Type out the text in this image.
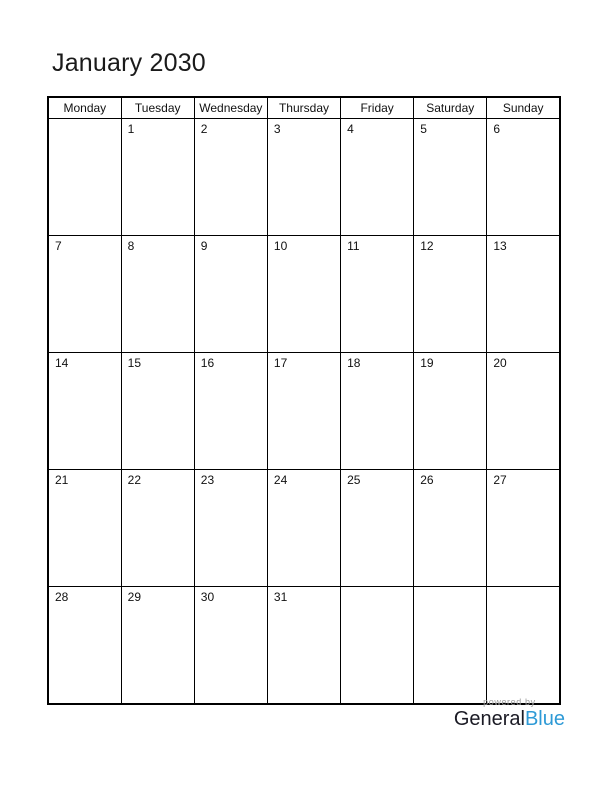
January 2030
Monday	Tuesday	Wednesday	Thursday	Friday	Saturday	Sunday
	1	2	3	4	5	6
7	8	9	10	11	12	13
14	15	16	17	18	19	20
21	22	23	24	25	26	27
28	29	30	31			
powered by
GeneralBlue
